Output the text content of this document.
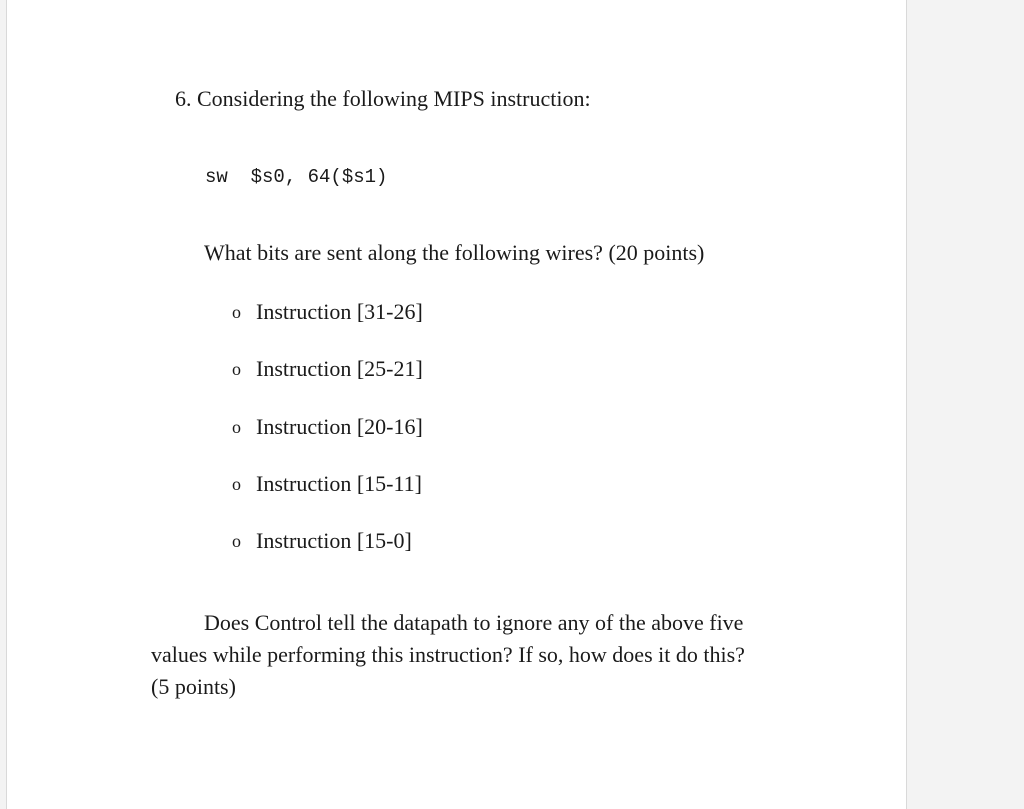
6. Considering the following MIPS instruction:
sw  $s0, 64($s1)
What bits are sent along the following wires? (20 points)
o Instruction [31-26]
o Instruction [25-21]
o Instruction [20-16]
o Instruction [15-11]
o Instruction [15-0]

Does Control tell the datapath to ignore any of the above five values while performing this instruction? If so, how does it do this? (5 points)
